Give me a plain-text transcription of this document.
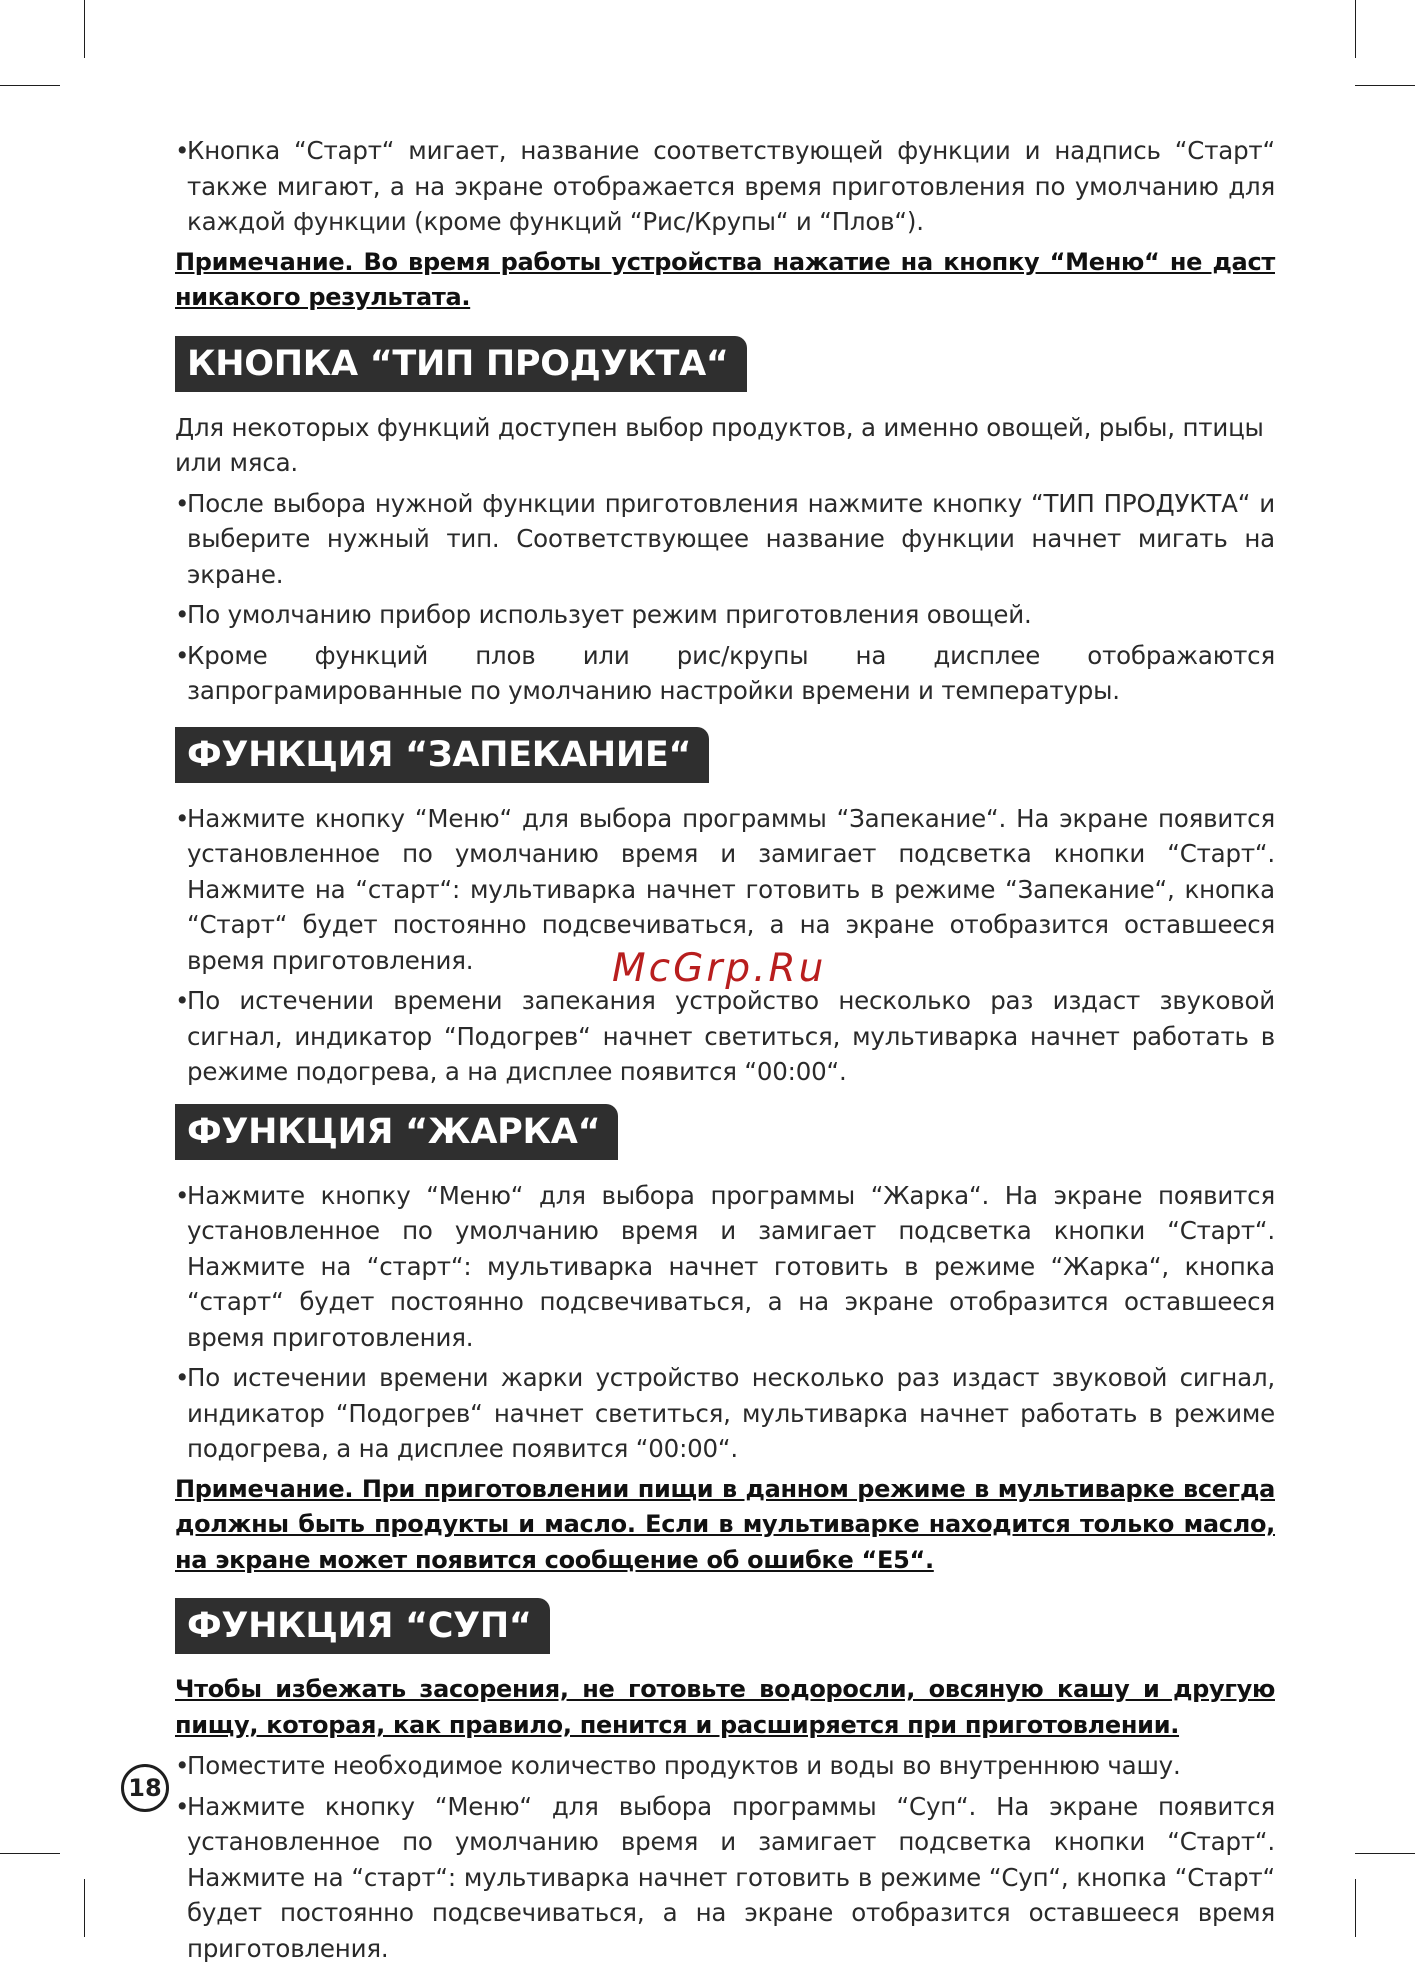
• Кнопка “Старт“ мигает, название соответствующей функции и надпись “Старт“ также мигают, а на экране отображается время приготовления по умолчанию для каждой функции (кроме функций “Рис/Крупы“ и “Плов“).

Примечание. Во время работы устройства нажатие на кнопку “Меню“ не даст никакого результата.

КНОПКА “ТИП ПРОДУКТА“

Для некоторых функций доступен выбор продуктов, а именно овощей, рыбы, птицы или мяса.

• После выбора нужной функции приготовления нажмите кнопку “ТИП ПРОДУКТА“ и выберите нужный тип. Соответствующее название функции начнет мигать на экране.

• По умолчанию прибор использует режим приготовления овощей.

• Кроме функций плов или рис/крупы на дисплее отображаются запрограмированные по умолчанию настройки времени и температуры.

ФУНКЦИЯ “ЗАПЕКАНИЕ“

• Нажмите кнопку “Меню“ для выбора программы “Запекание“. На экране появится установленное по умолчанию время и замигает подсветка кнопки “Старт“. Нажмите на “старт“: мультиварка начнет готовить в режиме “Запекание“, кнопка “Старт“ будет постоянно подсвечиваться, а на экране отобразится оставшееся время приготовления.

• По истечении времени запекания устройство несколько раз издаст звуковой сигнал, индикатор “Подогрев“ начнет светиться, мультиварка начнет работать в режиме подогрева, а на дисплее появится “00:00“.

ФУНКЦИЯ “ЖАРКА“

• Нажмите кнопку “Меню“ для выбора программы “Жарка“. На экране появится установленное по умолчанию время и замигает подсветка кнопки “Старт“. Нажмите на “старт“: мультиварка начнет готовить в режиме “Жарка“, кнопка “старт“ будет постоянно подсвечиваться, а на экране отобразится оставшееся время приготовления.

• По истечении времени жарки устройство несколько раз издаст звуковой сигнал, индикатор “Подогрев“ начнет светиться, мультиварка начнет работать в режиме подогрева, а на дисплее появится “00:00“.

Примечание. При приготовлении пищи в данном режиме в мультиварке всегда должны быть продукты и масло. Если в мультиварке находится только масло, на экране может появится сообщение об ошибке “E5“.

ФУНКЦИЯ “СУП“

Чтобы избежать засорения, не готовьте водоросли, овсяную кашу и другую пищу, которая, как правило, пенится и расширяется при приготовлении.

• Поместите необходимое количество продуктов и воды во внутреннюю чашу.

• Нажмите кнопку “Меню“ для выбора программы “Суп“. На экране появится установленное по умолчанию время и замигает подсветка кнопки “Старт“. Нажмите на “старт“: мультиварка начнет готовить в режиме “Суп“, кнопка “Старт“ будет постоянно подсвечиваться, а на экране отобразится оставшееся время приготовления.

McGrp.Ru
18
